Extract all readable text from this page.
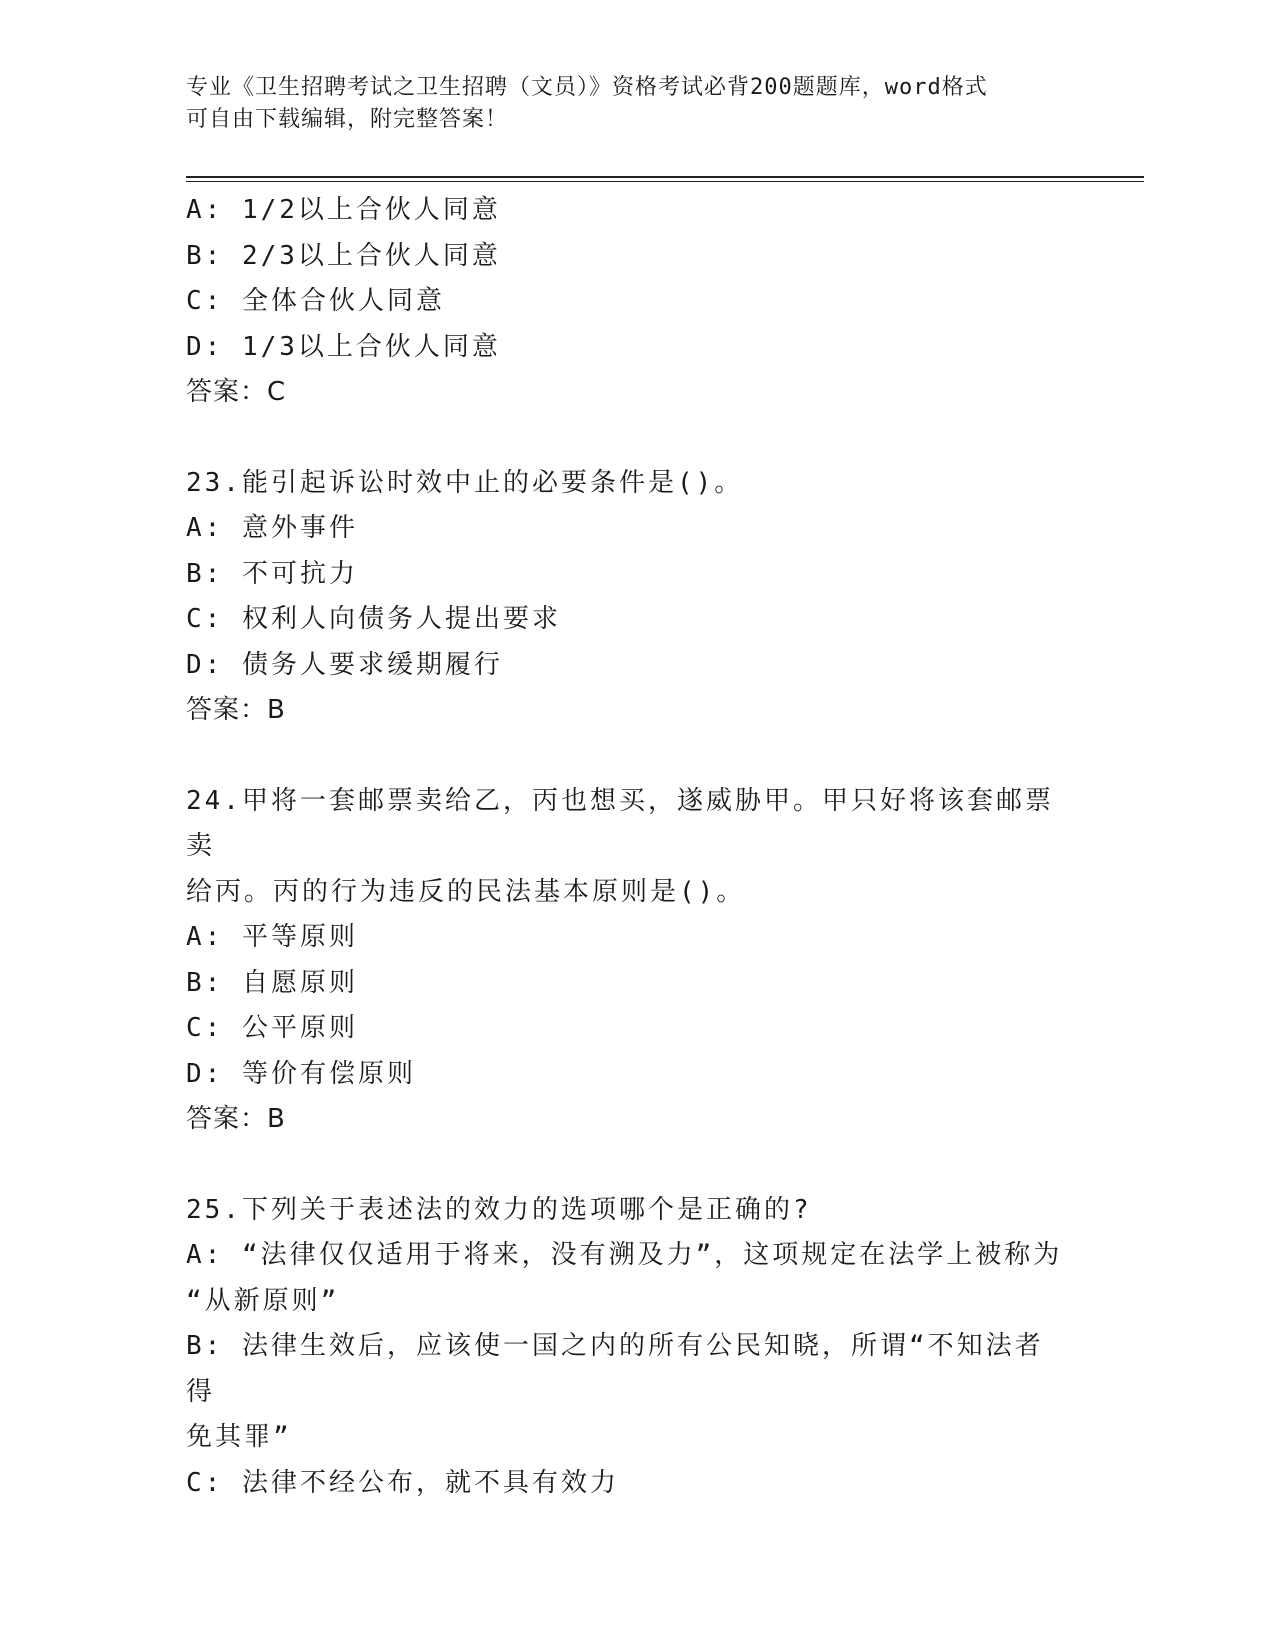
专业《卫生招聘考试之卫生招聘（文员）》资格考试必背200题题库，word格式
可自由下载编辑，附完整答案！
A: 1/2以上合伙人同意
B: 2/3以上合伙人同意
C: 全体合伙人同意
D: 1/3以上合伙人同意
答案：C
23.能引起诉讼时效中止的必要条件是()。
A: 意外事件
B: 不可抗力
C: 权利人向债务人提出要求
D: 债务人要求缓期履行
答案：B
24.甲将一套邮票卖给乙，丙也想买，遂威胁甲。甲只好将该套邮票卖
给丙。丙的行为违反的民法基本原则是()。
A: 平等原则
B: 自愿原则
C: 公平原则
D: 等价有偿原则
答案：B
25.下列关于表述法的效力的选项哪个是正确的?
A: “法律仅仅适用于将来，没有溯及力”，这项规定在法学上被称为
“从新原则”
B: 法律生效后，应该使一国之内的所有公民知晓，所谓“不知法者得
免其罪”
C: 法律不经公布，就不具有效力
